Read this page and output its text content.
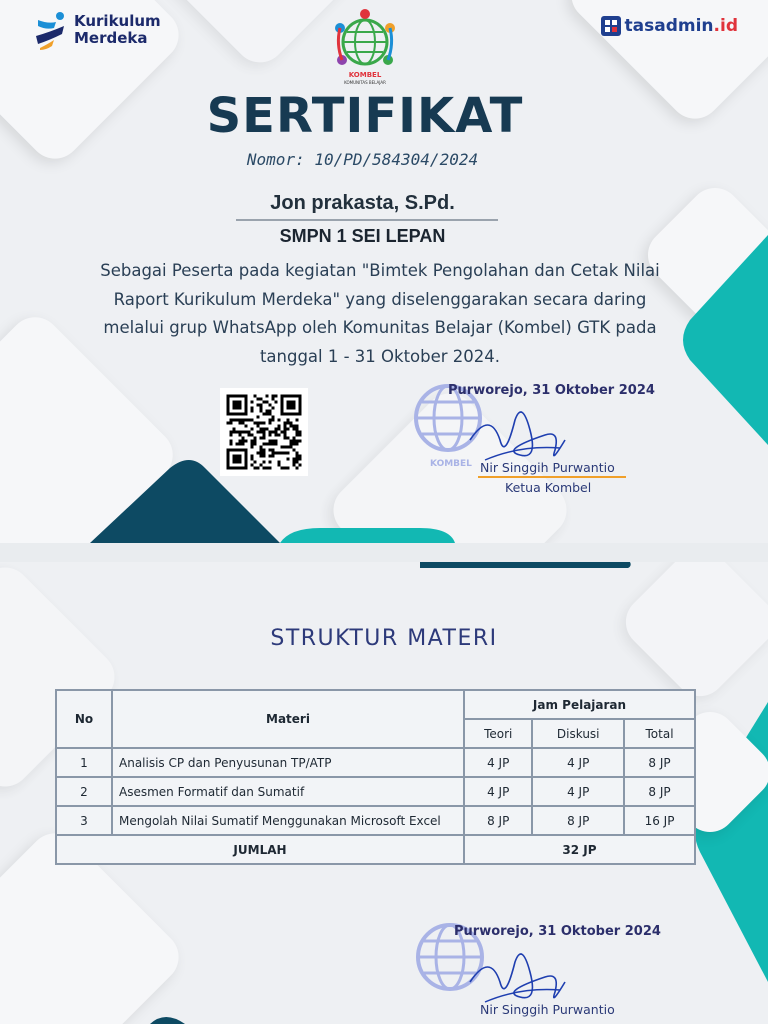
Kurikulum
Merdeka
KOMBEL
KOMUNITAS BELAJAR
tasadmin.id
SERTIFIKAT
Nomor: 10/PD/584304/2024
Jon prakasta, S.Pd.
SMPN 1 SEI LEPAN
Sebagai Peserta pada kegiatan "Bimtek Pengolahan dan Cetak Nilai
Raport Kurikulum Merdeka" yang diselenggarakan secara daring
melalui grup WhatsApp oleh Komunitas Belajar (Kombel) GTK pada
tanggal 1 - 31 Oktober 2024.
KOMBEL
Purworejo, 31 Oktober 2024
Nir Singgih Purwantio
Ketua Kombel
STRUKTUR MATERI
No	Materi	Jam Pelajaran		
		Teori	Diskusi	Total
1	Analisis CP dan Penyusunan TP/ATP	4 JP	4 JP	8 JP
2	Asesmen Formatif dan Sumatif	4 JP	4 JP	8 JP
3	Mengolah Nilai Sumatif Menggunakan Microsoft Excel	8 JP	8 JP	16 JP
JUMLAH		32 JP		
Purworejo, 31 Oktober 2024
Nir Singgih Purwantio
